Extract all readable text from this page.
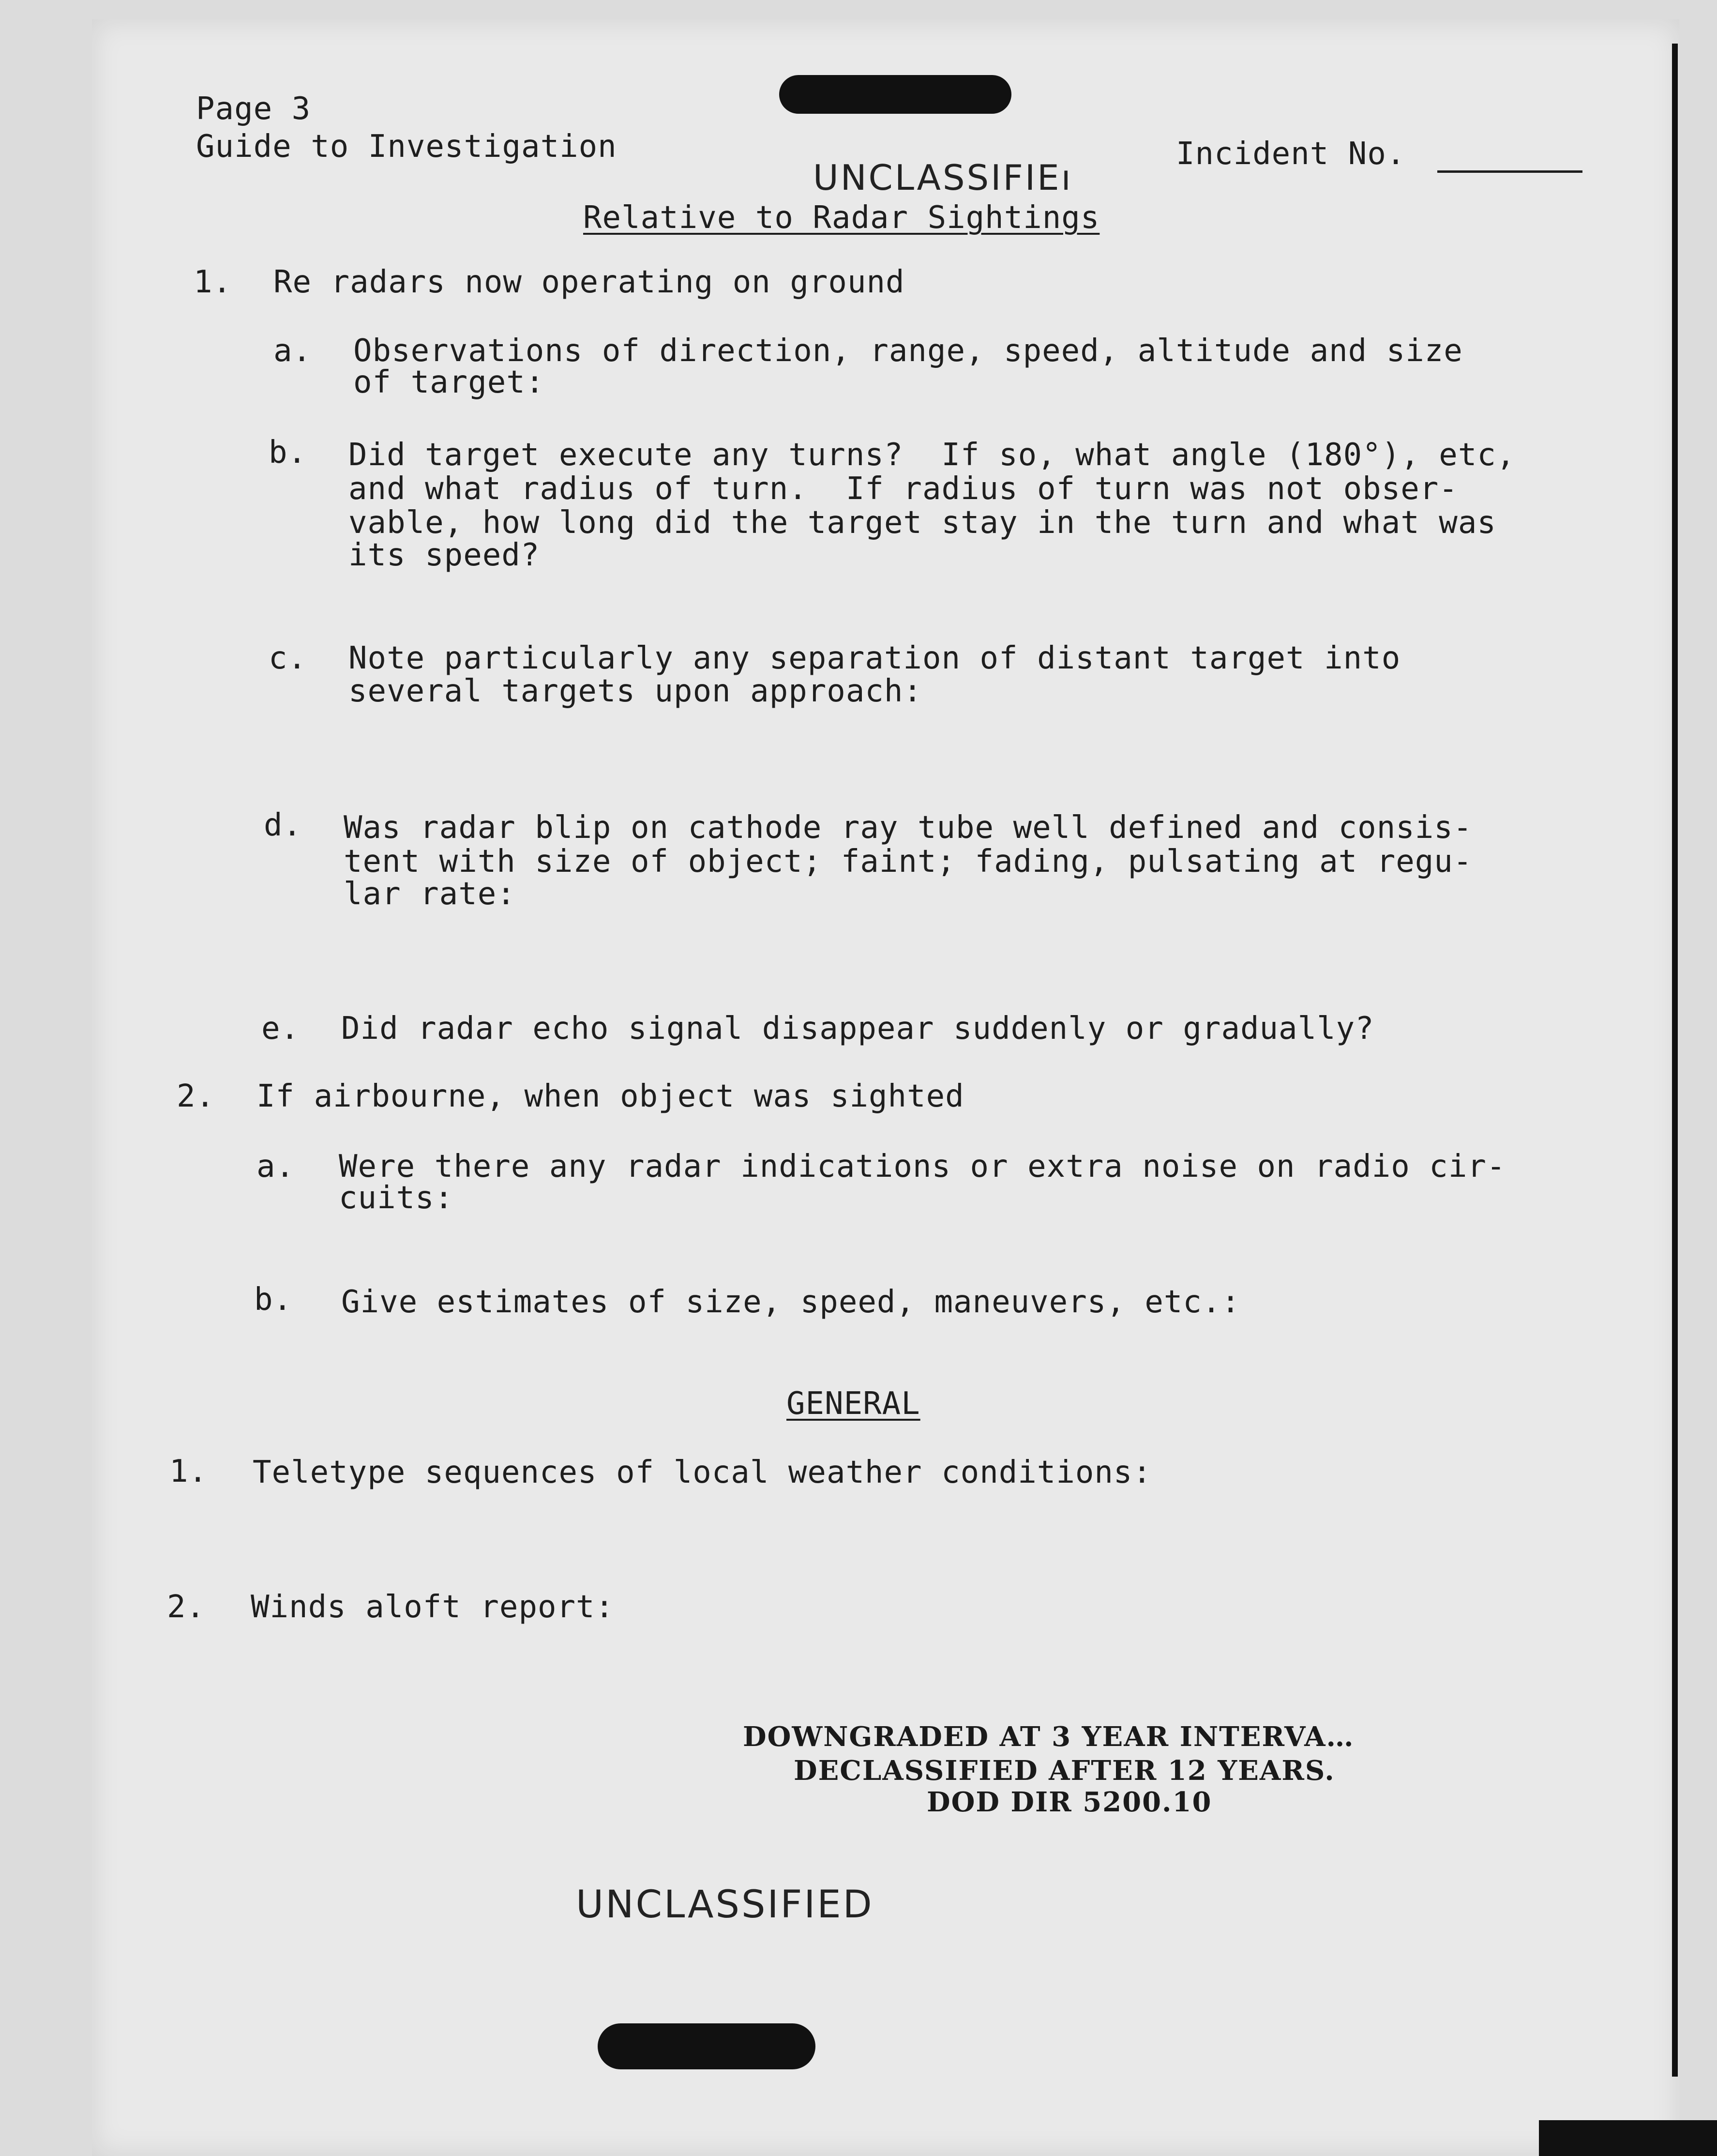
Page 3
Guide to Investigation	Incident No.
UNCLASSIFIEı
Relative to Radar Sightings
1. Re radars now operating on ground
a. Observations of direction, range, speed, altitude and size
of target:
b. Did target execute any turns?  If so, what angle (180°), etc,
and what radius of turn.  If radius of turn was not obser-
vable, how long did the target stay in the turn and what was
its speed?
c. Note particularly any separation of distant target into
several targets upon approach:
d. Was radar blip on cathode ray tube well defined and consis-
tent with size of object; faint; fading, pulsating at regu-
lar rate:
e. Did radar echo signal disappear suddenly or gradually?
2. If airbourne, when object was sighted
a. Were there any radar indications or extra noise on radio cir-
cuits:
b. Give estimates of size, speed, maneuvers, etc.:
GENERAL
1. Teletype sequences of local weather conditions:
2. Winds aloft report:
DOWNGRADED AT 3 YEAR INTERVA…
DECLASSIFIED AFTER 12 YEARS.
DOD DIR 5200.10
UNCLASSIFIED
